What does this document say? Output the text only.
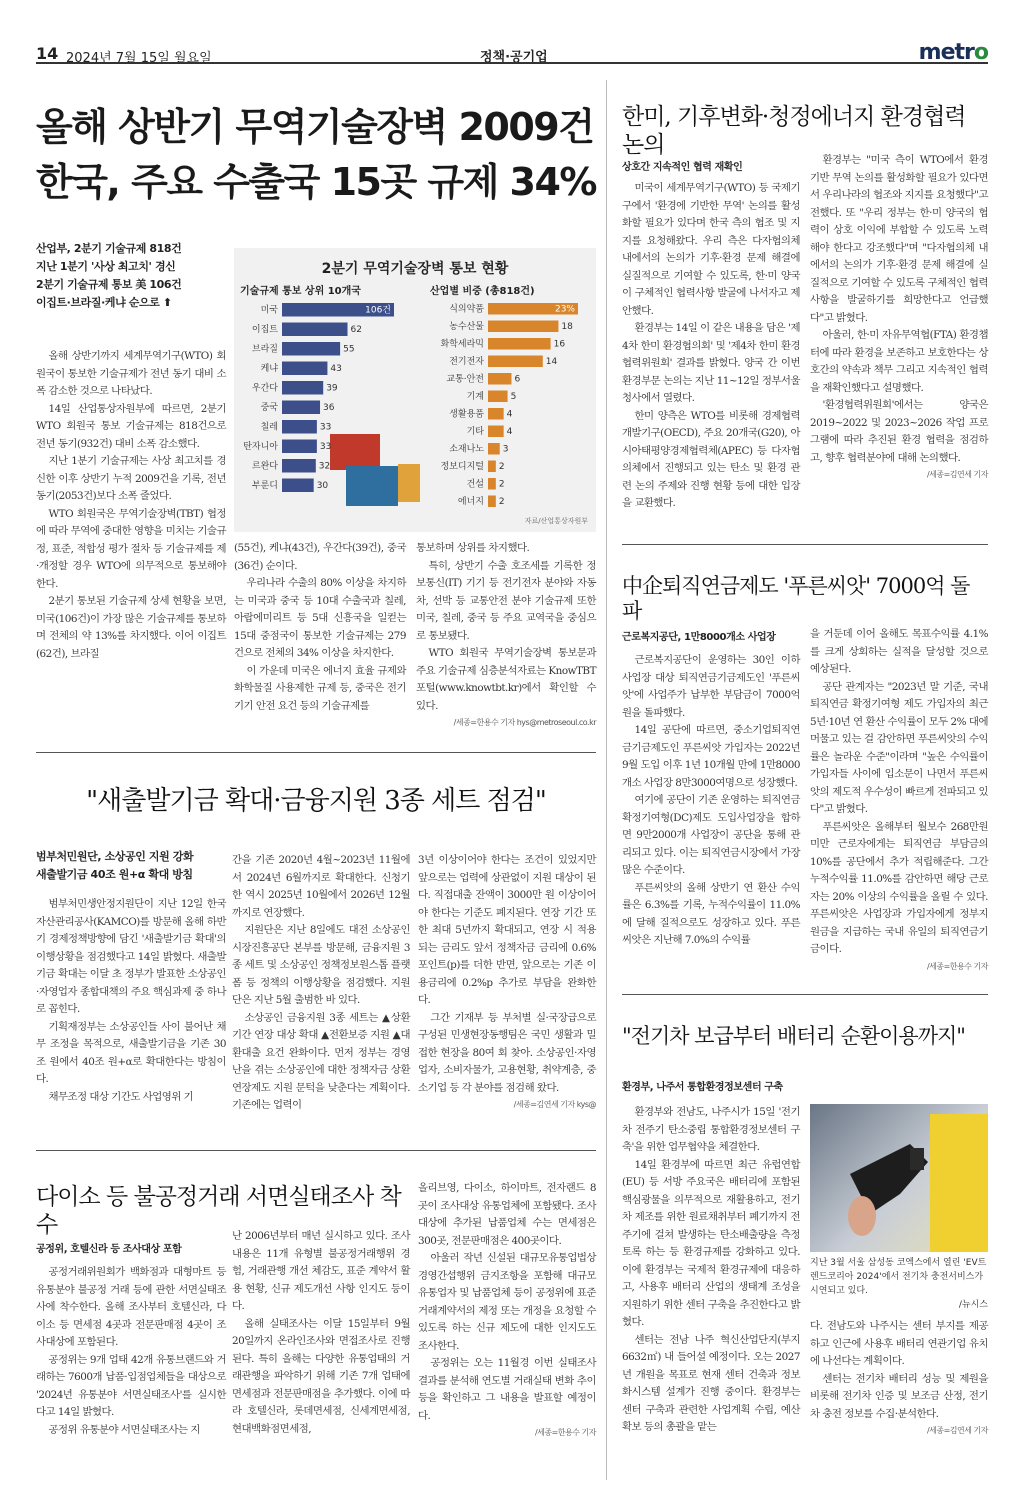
14 2024년 7월 15일 월요일	정책·공기업	metro
올해 상반기 무역기술장벽 2009건
한국, 주요 수출국 15곳 규제 34%
산업부, 2분기 기술규제 818건
지난 1분기 '사상 최고치' 경신
2분기 기술규제 통보 美 106건
이집트·브라질·케냐 순으로 ⬆

올해 상반기까지 세계무역기구(WTO) 회원국이 통보한 기술규제가 전년 동기 대비 소폭 감소한 것으로 나타났다.

14일 산업통상자원부에 따르면, 2분기 WTO 회원국 통보 기술규제는 818건으로 전년 동기(932건) 대비 소폭 감소했다.

지난 1분기 기술규제는 사상 최고치를 경신한 이후 상반기 누적 2009건을 기록, 전년 동기(2053건)보다 소폭 줄었다.

WTO 회원국은 무역기술장벽(TBT) 협정에 따라 무역에 중대한 영향을 미치는 기술규정, 표준, 적합성 평가 절차 등 기술규제를 제·개정할 경우 WTO에 의무적으로 통보해야 한다.

2분기 통보된 기술규제 상세 현황을 보면, 미국(106건)이 가장 많은 기술규제를 통보하며 전체의 약 13%를 차지했다. 이어 이집트(62건), 브라질

2분기 무역기술장벽 통보 현황
기술규제 통보 상위 10개국	산업별 비중 (총818건)
미국	106건
이집트	62
브라질	55
케냐	43
우간다	39
중국	36
칠레	33
탄자니아	33
르완다	32
부룬디	30
식의약품	23%
농수산물	18
화학세라믹	16
전기전자	14
교통·안전	6
기계	5
생활용품	4
기타	4
소재나노 3
정보디지털 2
건설 2
에너지 2
자료/산업통상자원부

(55건), 케냐(43건), 우간다(39건), 중국(36건) 순이다.

우리나라 수출의 80% 이상을 차지하는 미국과 중국 등 10대 수출국과 칠레, 아랍에미리트 등 5대 신흥국을 일컫는 15대 중점국이 통보한 기술규제는 279건으로 전체의 34% 이상을 차지한다.

이 가운데 미국은 에너지 효율 규제와 화학물질 사용제한 규제 등, 중국은 전기기기 안전 요건 등의 기술규제를

통보하며 상위를 차지했다.

특히, 상반기 수출 호조세를 기록한 정보통신(IT) 기기 등 전기전자 분야와 자동차, 선박 등 교통안전 분야 기술규제 또한 미국, 칠레, 중국 등 주요 교역국을 중심으로 통보됐다.

WTO 회원국 무역기술장벽 통보문과 주요 기술규제 심층분석자료는 KnowTBT 포털(www.knowtbt.kr)에서 확인할 수 있다.

/세종=한용수 기자 hys@metroseoul.co.kr
"새출발기금 확대·금융지원 3종 세트 점검"
범부처민원단, 소상공인 지원 강화
새출발기금 40조 원+α 확대 방침

범부처민생안정지원단이 지난 12일 한국자산관리공사(KAMCO)를 방문해 올해 하반기 경제정책방향에 담긴 '새출발기금 확대'의 이행상황을 점검했다고 14일 밝혔다. 새출발기금 확대는 이달 초 정부가 발표한 소상공인·자영업자 종합대책의 주요 핵심과제 중 하나로 꼽힌다.

기획재정부는 소상공인들 사이 불어난 채무 조정을 목적으로, 새출발기금을 기존 30조 원에서 40조 원+α로 확대한다는 방침이다.

채무조정 대상 기간도 사업영위 기

간을 기존 2020년 4월~2023년 11월에서 2024년 6월까지로 확대한다. 신청기한 역시 2025년 10월에서 2026년 12월까지로 연장했다.

지원단은 지난 8일에도 대전 소상공인시장진흥공단 본부를 방문해, 금융지원 3종 세트 및 소상공인 정책정보원스톱 플랫폼 등 정책의 이행상황을 점검했다. 지원단은 지난 5월 출범한 바 있다.

소상공인 금융지원 3종 세트는 ▲상환기간 연장 대상 확대 ▲전환보증 지원 ▲대환대출 요건 완화이다. 먼저 정부는 경영난을 겪는 소상공인에 대한 정책자금 상환연장제도 지원 문턱을 낮춘다는 계획이다. 기존에는 업력이

3년 이상이어야 한다는 조건이 있었지만 앞으로는 업력에 상관없이 지원 대상이 된다. 직접대출 잔액이 3000만 원 이상이어야 한다는 기준도 폐지된다. 연장 기간 또한 최대 5년까지 확대되고, 연장 시 적용되는 금리도 앞서 정책자금 금리에 0.6%포인트(p)를 더한 반면, 앞으로는 기존 이용금리에 0.2%p 추가로 부담을 완화한다.

그간 기재부 등 부처별 실·국장급으로 구성된 민생현장동행팀은 국민 생활과 밀접한 현장을 80여 회 찾아. 소상공인·자영업자, 소비자물가, 고용현황, 취약계층, 중소기업 등 각 분야를 점검해 왔다.

/세종=김연세 기자 kys@
다이소 등 불공정거래 서면실태조사 착수
공정위, 호텔신라 등 조사대상 포함

공정거래위원회가 백화점과 대형마트 등 유통분야 불공정 거래 등에 관한 서면실태조사에 착수한다. 올해 조사부터 호텔신라, 다이소 등 면세점 4곳과 전문판매점 4곳이 조사대상에 포함된다.

공정위는 9개 업태 42개 유통브랜드와 거래하는 7600개 납품·입점업체들을 대상으로 '2024년 유통분야 서면실태조사'를 실시한다고 14일 밝혔다.

공정위 유통분야 서면실태조사는 지

난 2006년부터 매년 실시하고 있다. 조사내용은 11개 유형별 불공정거래행위 경험, 거래관행 개선 체감도, 표준 계약서 활용 현황, 신규 제도개선 사항 인지도 등이다.

올해 실태조사는 이달 15일부터 9월 20일까지 온라인조사와 면접조사로 진행된다. 특히 올해는 다양한 유통업태의 거래관행을 파악하기 위해 기존 7개 업태에 면세점과 전문판매점을 추가했다. 이에 따라 호텔신라, 롯데면세점, 신세계면세점, 현대백화점면세점,

올리브영, 다이소, 하이마트, 전자랜드 8곳이 조사대상 유통업체에 포함됐다. 조사대상에 추가된 납품업체 수는 면세점은 300곳, 전문판매점은 400곳이다.

아울러 작년 신설된 대규모유통업법상 경영간섭행위 금지조항을 포함해 대규모유통업자 및 납품업체 등이 공정위에 표준거래계약서의 제정 또는 개정을 요청할 수 있도록 하는 신규 제도에 대한 인지도도 조사한다.

공정위는 오는 11월경 이번 실태조사 결과를 분석해 연도별 거래실태 변화 추이 등을 확인하고 그 내용을 발표할 예정이다.

/세종=한용수 기자
한미, 기후변화·청정에너지 환경협력 논의
상호간 지속적인 협력 재확인

미국이 세계무역기구(WTO) 등 국제기구에서 '환경에 기반한 무역' 논의를 활성화할 필요가 있다며 한국 측의 협조 및 지지를 요청해왔다. 우리 측은 다자협의체 내에서의 논의가 기후·환경 문제 해결에 실질적으로 기여할 수 있도록, 한·미 양국이 구체적인 협력사항 발굴에 나서자고 제안했다.

환경부는 14일 이 같은 내용을 담은 '제4차 한미 환경협의회' 및 '제4차 한미 환경협력위원회' 결과를 밝혔다. 양국 간 이번 환경부문 논의는 지난 11~12일 정부서울청사에서 열렸다.

한미 양측은 WTO를 비롯해 경제협력개발기구(OECD), 주요 20개국(G20), 아시아태평양경제협력체(APEC) 등 다자협의체에서 진행되고 있는 탄소 및 환경 관련 논의 주제와 진행 현황 등에 대한 입장을 교환했다.

환경부는 "미국 측이 WTO에서 환경 기반 무역 논의를 활성화할 필요가 있다면서 우리나라의 협조와 지지를 요청했다"고 전했다. 또 "우리 정부는 한·미 양국의 협력이 상호 이익에 부합할 수 있도록 노력해야 한다고 강조했다"며 "다자협의체 내에서의 논의가 기후·환경 문제 해결에 실질적으로 기여할 수 있도록 구체적인 협력사항을 발굴하기를 희망한다고 언급했다"고 밝혔다.

아울러, 한·미 자유무역협(FTA) 환경챕터에 따라 환경을 보존하고 보호한다는 상호간의 약속과 책무 그리고 지속적인 협력을 재확인했다고 설명했다.

'환경협력위원회'에서는 양국은 2019~2022 및 2023~2026 작업 프로그램에 따라 추진된 환경 협력을 점검하고, 향후 협력분야에 대해 논의했다.

/세종=김연세 기자
中企퇴직연금제도 '푸른씨앗' 7000억 돌파
근로복지공단, 1만8000개소 사업장

근로복지공단이 운영하는 30인 이하 사업장 대상 퇴직연금기금제도인 '푸른씨앗'에 사업주가 납부한 부담금이 7000억원을 돌파했다.

14일 공단에 따르면, 중소기업퇴직연금기금제도인 푸른씨앗 가입자는 2022년 9월 도입 이후 1년 10개월 만에 1만8000개소 사업장 8만3000여명으로 성장했다.

여기에 공단이 기존 운영하는 퇴직연금확정기여형(DC)제도 도입사업장을 합하면 9만2000개 사업장이 공단을 통해 관리되고 있다. 이는 퇴직연금시장에서 가장 많은 수준이다.

푸른씨앗의 올해 상반기 연 환산 수익률은 6.3%를 기록, 누적수익률이 11.0%에 달해 질적으로도 성장하고 있다. 푸른씨앗은 지난해 7.0%의 수익률

을 거둔데 이어 올해도 목표수익률 4.1%를 크게 상회하는 실적을 달성할 것으로 예상된다.

공단 관계자는 "2023년 말 기준, 국내 퇴직연금 확정기여형 제도 가입자의 최근 5년·10년 연 환산 수익률이 모두 2% 대에 머물고 있는 걸 감안하면 푸른씨앗의 수익률은 놀라운 수준"이라며 "높은 수익률이 가입자들 사이에 입소문이 나면서 푸른씨앗의 제도적 우수성이 빠르게 전파되고 있다"고 밝혔다.

푸른씨앗은 올해부터 월보수 268만원 미만 근로자에게는 퇴직연금 부담금의 10%를 공단에서 추가 적립해준다. 그간 누적수익률 11.0%를 감안하면 해당 근로자는 20% 이상의 수익률을 올릴 수 있다. 푸른씨앗은 사업장과 가입자에게 정부지원금을 지급하는 국내 유일의 퇴직연금기금이다.

/세종=한용수 기자
"전기차 보급부터 배터리 순환이용까지"
환경부, 나주서 통합환경정보센터 구축

환경부와 전남도, 나주시가 15일 '전기차 전주기 탄소중립 통합환경정보센터 구축'을 위한 업무협약을 체결한다.

14일 환경부에 따르면 최근 유럽연합(EU) 등 서방 주요국은 배터리에 포함된 핵심광물을 의무적으로 재활용하고, 전기차 제조를 위한 원료채취부터 폐기까지 전 주기에 걸쳐 발생하는 탄소배출량을 측정토록 하는 등 환경규제를 강화하고 있다. 이에 환경부는 국제적 환경규제에 대응하고, 사용후 배터리 산업의 생태계 조성을 지원하기 위한 센터 구축을 추진한다고 밝혔다.

센터는 전남 나주 혁신산업단지(부지 6632㎡) 내 들어설 예정이다. 오는 2027년 개원을 목표로 현재 센터 건축과 정보화시스템 설계가 진행 중이다. 환경부는 센터 구축과 관련한 사업계획 수립, 예산확보 등의 총괄을 맡는

지난 3월 서울 삼성동 코엑스에서 열린 'EV트렌드코리아 2024'에서 전기차 충전서비스가 시연되고 있다.
/뉴시스

다. 전남도와 나주시는 센터 부지를 제공하고 인근에 사용후 배터리 연관기업 유치에 나선다는 계획이다.

센터는 전기차 배터리 성능 및 제원을 비롯해 전기차 인증 및 보조금 산정, 전기차 충전 정보를 수집·분석한다.

/세종=김연세 기자
